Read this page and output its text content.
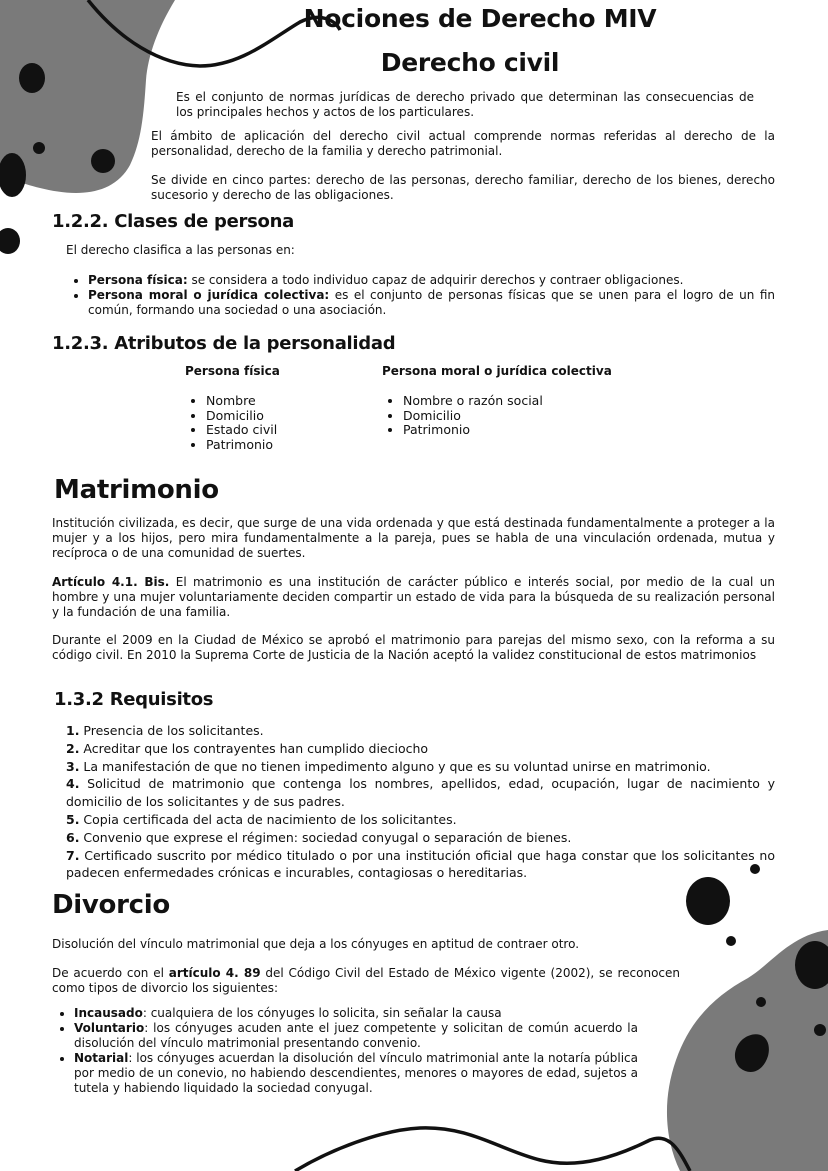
Nociones de Derecho MIV
Derecho civil

Es el conjunto de normas jurídicas de derecho privado que determinan las consecuencias de los principales hechos y actos de los particulares.

El ámbito de aplicación del derecho civil actual comprende normas referidas al derecho de la personalidad, derecho de la familia y derecho patrimonial.

Se divide en cinco partes: derecho de las personas, derecho familiar, derecho de los bienes, derecho sucesorio y derecho de las obligaciones.

1.2.2. Clases de persona

El derecho clasifica a las personas en:

• Persona física: se considera a todo individuo capaz de adquirir derechos y contraer obligaciones.
• Persona moral o jurídica colectiva: es el conjunto de personas físicas que se unen para el logro de un fin común, formando una sociedad o una asociación.
1.2.3. Atributos de la personalidad
Persona física	Persona moral o jurídica colectiva
• Nombre
• Domicilio
• Estado civil
• Patrimonio
• Nombre o razón social
• Domicilio
• Patrimonio
Matrimonio

Institución civilizada, es decir, que surge de una vida ordenada y que está destinada fundamentalmente a proteger a la mujer y a los hijos, pero mira fundamentalmente a la pareja, pues se habla de una vinculación ordenada, mutua y recíproca o de una comunidad de suertes.

Artículo 4.1. Bis. El matrimonio es una institución de carácter público e interés social, por medio de la cual un hombre y una mujer voluntariamente deciden compartir un estado de vida para la búsqueda de su realización personal y la fundación de una familia.

Durante el 2009 en la Ciudad de México se aprobó el matrimonio para parejas del mismo sexo, con la reforma a su código civil. En 2010 la Suprema Corte de Justicia de la Nación aceptó la validez constitucional de estos matrimonios

1.3.2 Requisitos
1. Presencia de los solicitantes.
2. Acreditar que los contrayentes han cumplido dieciocho
3. La manifestación de que no tienen impedimento alguno y que es su voluntad unirse en matrimonio.
4. Solicitud de matrimonio que contenga los nombres, apellidos, edad, ocupación, lugar de nacimiento y domicilio de los solicitantes y de sus padres.
5. Copia certificada del acta de nacimiento de los solicitantes.
6. Convenio que exprese el régimen: sociedad conyugal o separación de bienes.
7. Certificado suscrito por médico titulado o por una institución oficial que haga constar que los solicitantes no padecen enfermedades crónicas e incurables, contagiosas o hereditarias.
Divorcio

Disolución del vínculo matrimonial que deja a los cónyuges en aptitud de contraer otro.

De acuerdo con el artículo 4. 89 del Código Civil del Estado de México vigente (2002), se reconocen como tipos de divorcio los siguientes:

• Incausado: cualquiera de los cónyuges lo solicita, sin señalar la causa
• Voluntario: los cónyuges acuden ante el juez competente y solicitan de común acuerdo la disolución del vínculo matrimonial presentando convenio.
• Notarial: los cónyuges acuerdan la disolución del vínculo matrimonial ante la notaría pública por medio de un conevio, no habiendo descendientes, menores o mayores de edad, sujetos a tutela y habiendo liquidado la sociedad conyugal.
